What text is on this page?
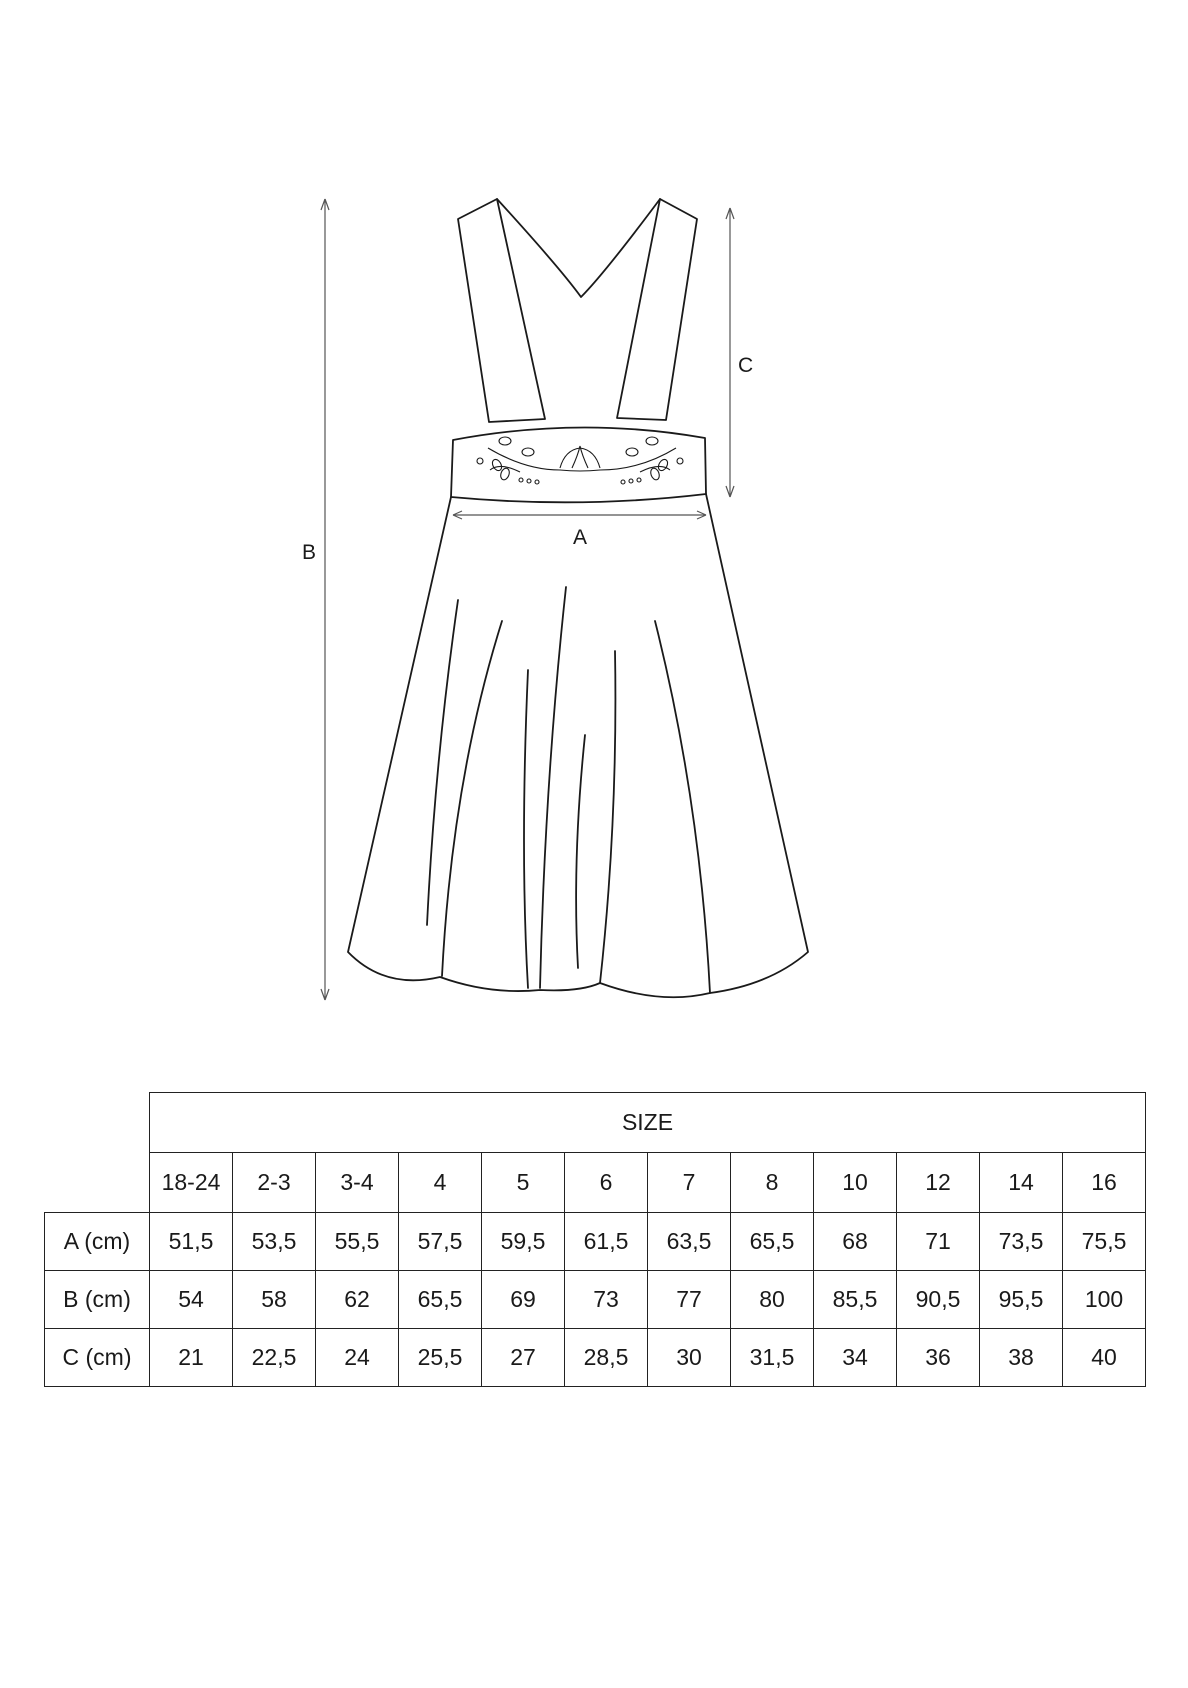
A
B
C
	SIZE											
	18-24	2-3	3-4	4	5	6	7	8	10	12	14	16
A (cm)	51,5	53,5	55,5	57,5	59,5	61,5	63,5	65,5	68	71	73,5	75,5
B (cm)	54	58	62	65,5	69	73	77	80	85,5	90,5	95,5	100
C (cm)	21	22,5	24	25,5	27	28,5	30	31,5	34	36	38	40
